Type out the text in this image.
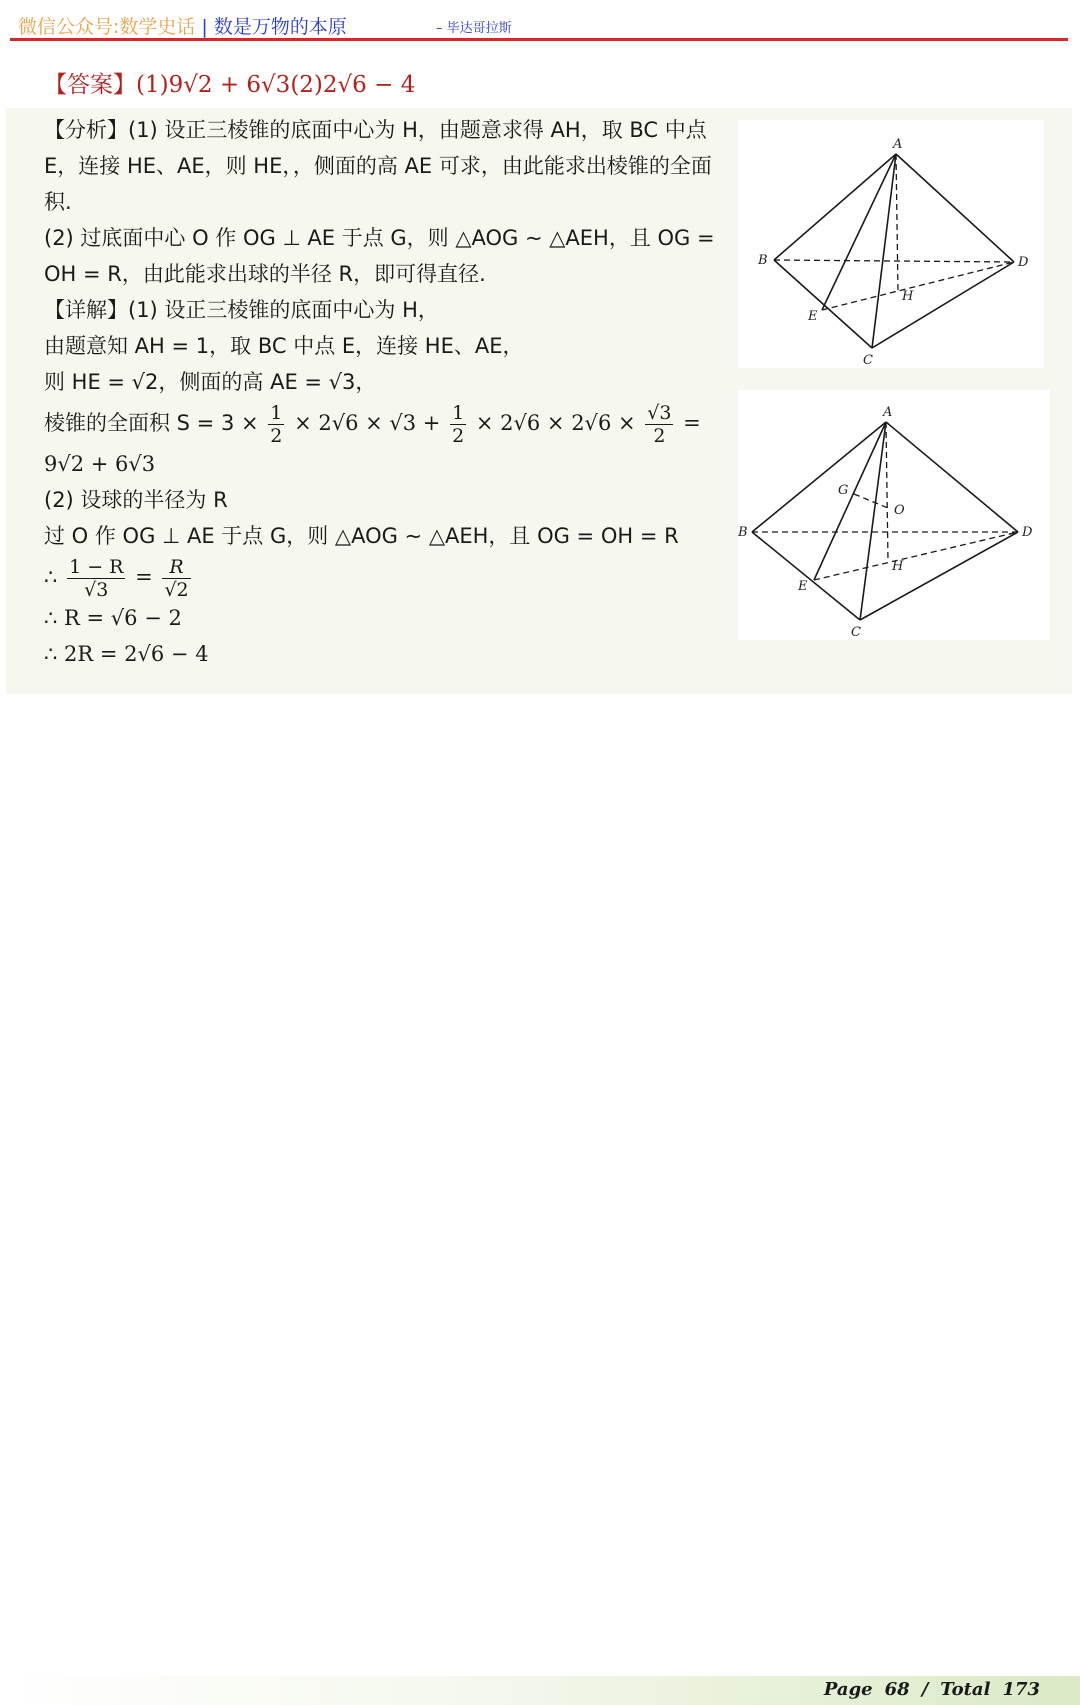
微信公众号:数学史话 | 数是万物的本原	– 毕达哥拉斯
【答案】(1)9√2 + 6√3(2)2√6 − 4
【分析】(1) 设正三棱锥的底面中心为 H，由题意求得 AH，取 BC 中点
E，连接 HE、AE，则 HE，，侧面的高 AE 可求，由此能求出棱锥的全面
积.
(2) 过底面中心 O 作 OG ⊥ AE 于点 G，则 △AOG ∼ △AEH，且 OG =
OH = R，由此能求出球的半径 R，即可得直径.
【详解】(1) 设正三棱锥的底面中心为 H，
由题意知 AH = 1，取 BC 中点 E，连接 HE、AE，
则 HE = √2，侧面的高 AE = √3，
棱锥的全面积 $S = 3 \times \frac{1}{2} \times 2√6 \times √3 + \frac{1}{2} \times 2√6 \times 2√6 \times \frac{√3}{2}$ =
9√2 + 6√3
(2) 设球的半径为 R
过 O 作 OG ⊥ AE 于点 G，则 △AOG ∼ △AEH，且 OG = OH = R
∴ $\frac{1 - R}{√3} = \frac{R}{√2}$
∴ R = √6 − 2
∴ 2R = 2√6 − 4
A
B
C
D
E
H
A
B
C
D
E
H
G
O
Page 68 / Total 173
